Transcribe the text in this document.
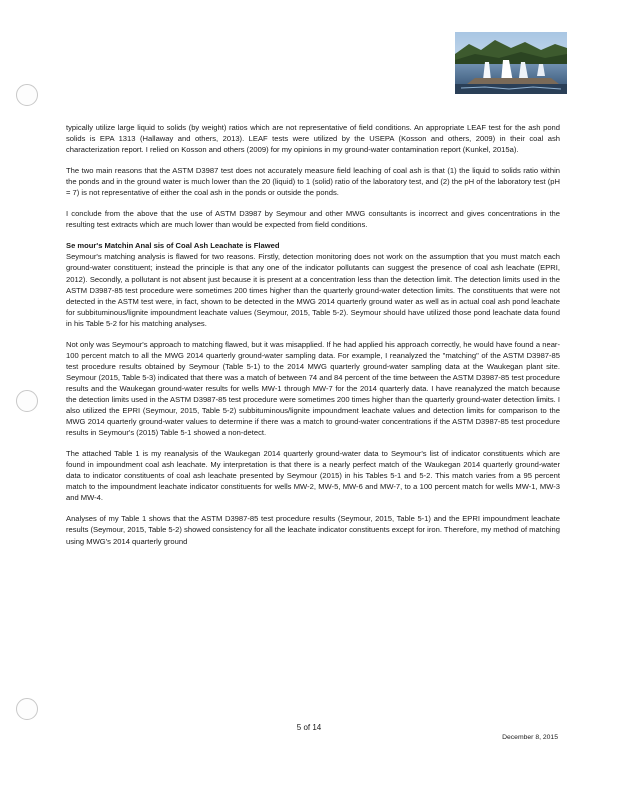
typically utilize large liquid to solids (by weight) ratios which are not representative of field conditions. An appropriate LEAF test for the ash pond solids is EPA 1313 (Hallaway and others, 2013). LEAF tests were utilized by the USEPA (Kosson and others, 2009) in their coal ash characterization report. I relied on Kosson and others (2009) for my opinions in my ground-water contamination report (Kunkel, 2015a).

The two main reasons that the ASTM D3987 test does not accurately measure field leaching of coal ash is that (1) the liquid to solids ratio within the ponds and in the ground water is much lower than the 20 (liquid) to 1 (solid) ratio of the laboratory test, and (2) the pH of the laboratory test (pH = 7) is not representative of either the coal ash in the ponds or outside the ponds.

I conclude from the above that the use of ASTM D3987 by Seymour and other MWG consultants is incorrect and gives concentrations in the resulting test extracts which are much lower than would be expected from field conditions.

Se mour's Matchin Anal sis of Coal Ash Leachate is Flawed

Seymour's matching analysis is flawed for two reasons. Firstly, detection monitoring does not work on the assumption that you must match each ground-water constituent; instead the principle is that any one of the indicator pollutants can suggest the presence of coal ash leachate (EPRI, 2012). Secondly, a pollutant is not absent just because it is present at a concentration less than the detection limit. The detection limits used in the ASTM D3987-85 test procedure were sometimes 200 times higher than the quarterly ground-water detection limits. The constituents that were not detected in the ASTM test were, in fact, shown to be detected in the MWG 2014 quarterly ground water as well as in actual coal ash pond leachate for subbituminous/lignite impoundment leachate values (Seymour, 2015, Table 5-2). Seymour should have utilized those pond leachate data found in his Table 5-2 for his matching analyses.

Not only was Seymour's approach to matching flawed, but it was misapplied. If he had applied his approach correctly, he would have found a near-100 percent match to all the MWG 2014 quarterly ground-water sampling data. For example, I reanalyzed the "matching" of the ASTM D3987-85 test procedure results obtained by Seymour (Table 5-1) to the 2014 MWG quarterly ground-water sampling data at the Waukegan plant site. Seymour (2015, Table 5-3) indicated that there was a match of between 74 and 84 percent of the time between the ASTM D3987-85 test procedure results and the Waukegan ground-water results for wells MW-1 through MW-7 for the 2014 quarterly data. I have reanalyzed the match because the detection limits used in the ASTM D3987-85 test procedure were sometimes 200 times higher than the quarterly ground-water detection limits. I also utilized the EPRI (Seymour, 2015, Table 5-2) subbituminous/lignite impoundment leachate values and detection limits for comparison to the MWG 2014 quarterly ground-water values to determine if there was a match to ground-water concentrations if the ASTM D3987-85 test procedure results in Seymour's (2015) Table 5-1 showed a non-detect.

The attached Table 1 is my reanalysis of the Waukegan 2014 quarterly ground-water data to Seymour's list of indicator constituents which are found in impoundment coal ash leachate. My interpretation is that there is a nearly perfect match of the Waukegan 2014 quarterly ground-water data to indicator constituents of coal ash leachate presented by Seymour (2015) in his Tables 5-1 and 5-2. This match varies from a 95 percent match to the impoundment leachate indicator constituents for wells MW-2, MW-5, MW-6 and MW-7, to a 100 percent match for wells MW-1, MW-3 and MW-4.

Analyses of my Table 1 shows that the ASTM D3987-85 test procedure results (Seymour, 2015, Table 5-1) and the EPRI impoundment leachate results (Seymour, 2015, Table 5-2) showed consistency for all the leachate indicator constituents except for iron. Therefore, my method of matching using MWG's 2014 quarterly ground

5 of 14
December 8, 2015
